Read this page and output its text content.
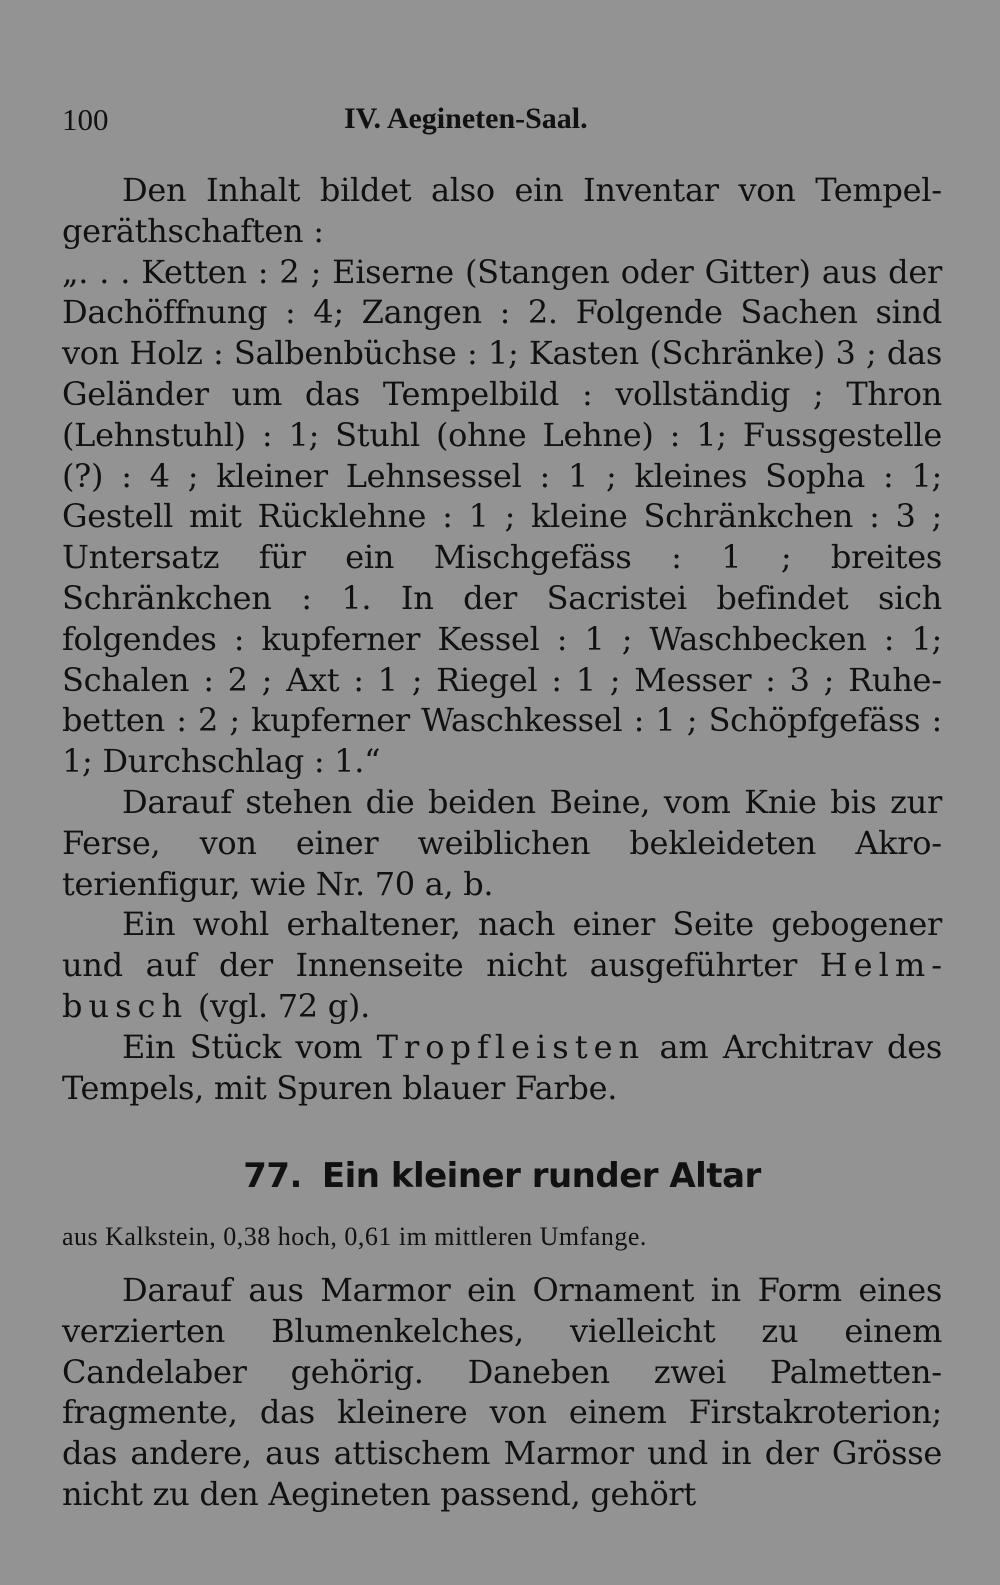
100	IV. Aegineten-Saal.

Den Inhalt bildet also ein Inventar von Tempelgeräthschaften :

„. . . Ketten : 2 ; Eiserne (Stangen oder Gitter) aus der Dachöffnung : 4; Zangen : 2. Folgende Sachen sind von Holz : Salbenbüchse : 1; Kasten (Schränke) 3 ; das Geländer um das Tempelbild : vollständig ; Thron (Lehnstuhl) : 1; Stuhl (ohne Lehne) : 1; Fussgestelle (?) : 4 ; kleiner Lehnsessel : 1 ; kleines Sopha : 1; Gestell mit Rücklehne : 1 ; kleine Schränkchen : 3 ; Untersatz für ein Mischgefäss : 1 ; breites Schränkchen : 1. In der Sacristei befindet sich folgendes : kupferner Kessel : 1 ; Waschbecken : 1; Schalen : 2 ; Axt : 1 ; Riegel : 1 ; Messer : 3 ; Ruhebetten : 2 ; kupferner Waschkessel : 1 ; Schöpfgefäss : 1; Durchschlag : 1.“

Darauf stehen die beiden Beine, vom Knie bis zur Ferse, von einer weiblichen bekleideten Akroterienfigur, wie Nr. 70 a, b.

Ein wohl erhaltener, nach einer Seite gebogener und auf der Innenseite nicht ausgeführter Helmbusch (vgl. 72 g).

Ein Stück vom Tropfleisten am Architrav des Tempels, mit Spuren blauer Farbe.

77. Ein kleiner runder Altar
aus Kalkstein, 0,38 hoch, 0,61 im mittleren Umfange.

Darauf aus Marmor ein Ornament in Form eines verzierten Blumenkelches, vielleicht zu einem Candelaber gehörig. Daneben zwei Palmettenfragmente, das kleinere von einem Firstakroterion; das andere, aus attischem Marmor und in der Grösse nicht zu den Aegineten passend, gehört
